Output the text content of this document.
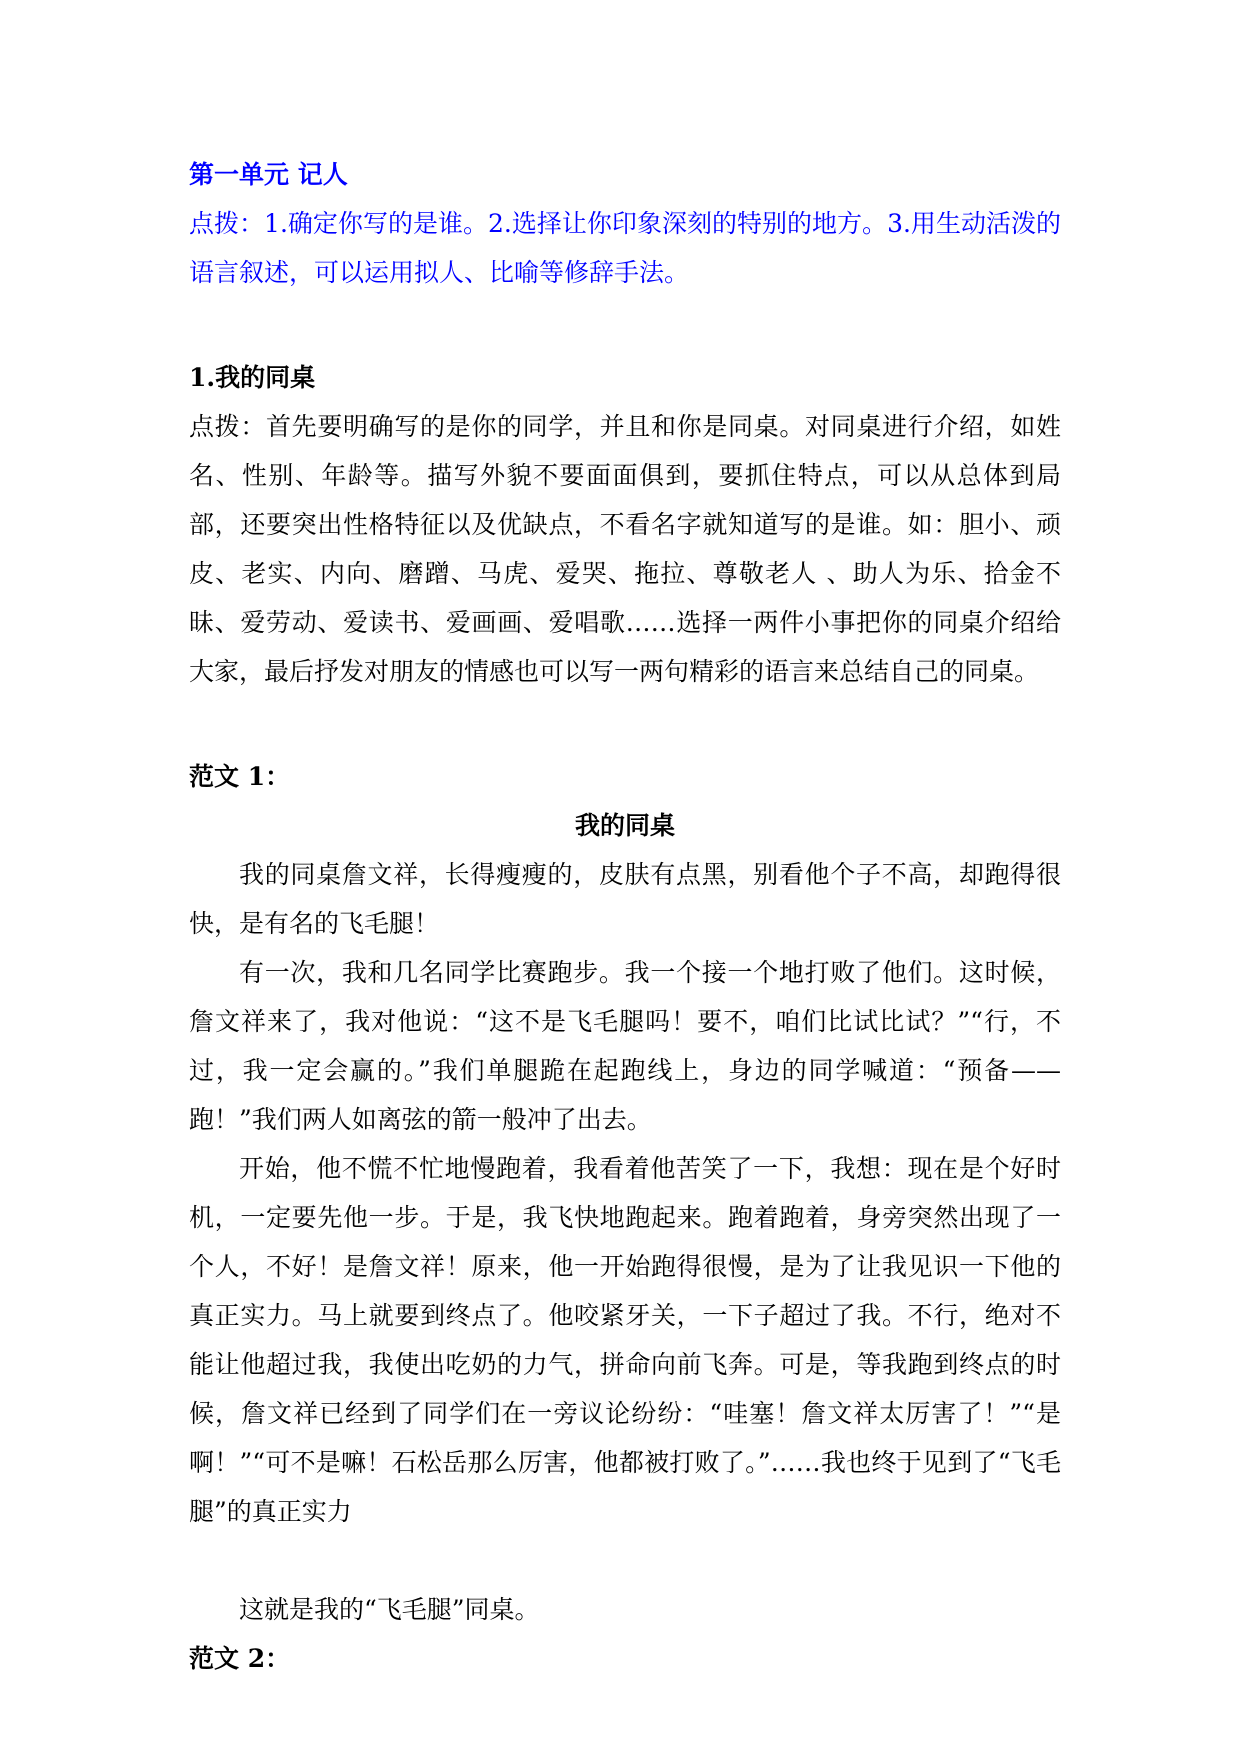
第一单元 记人

点拨：1.确定你写的是谁。2.选择让你印象深刻的特别的地方。3.用生动活泼的语言叙述，可以运用拟人、比喻等修辞手法。

1.我的同桌

点拨：首先要明确写的是你的同学，并且和你是同桌。对同桌进行介绍，如姓名、性别、年龄等。描写外貌不要面面俱到，要抓住特点，可以从总体到局部，还要突出性格特征以及优缺点，不看名字就知道写的是谁。如：胆小、顽皮、老实、内向、磨蹭、马虎、爱哭、拖拉、尊敬老人 、助人为乐、拾金不昧、爱劳动、爱读书、爱画画、爱唱歌……选择一两件小事把你的同桌介绍给大家，最后抒发对朋友的情感也可以写一两句精彩的语言来总结自己的同桌。

范文 1：

我的同桌

我的同桌詹文祥，长得瘦瘦的，皮肤有点黑，别看他个子不高，却跑得很快，是有名的飞毛腿！

有一次，我和几名同学比赛跑步。我一个接一个地打败了他们。这时候，詹文祥来了，我对他说：“这不是飞毛腿吗！要不，咱们比试比试？”“行，不过，我一定会赢的。”我们单腿跪在起跑线上，身边的同学喊道：“预备——跑！”我们两人如离弦的箭一般冲了出去。

开始，他不慌不忙地慢跑着，我看着他苦笑了一下，我想：现在是个好时机，一定要先他一步。于是，我飞快地跑起来。跑着跑着，身旁突然出现了一个人，不好！是詹文祥！原来，他一开始跑得很慢，是为了让我见识一下他的真正实力。马上就要到终点了。他咬紧牙关，一下子超过了我。不行，绝对不能让他超过我，我使出吃奶的力气，拼命向前飞奔。可是，等我跑到终点的时候，詹文祥已经到了同学们在一旁议论纷纷：“哇塞！詹文祥太厉害了！”“是啊！”“可不是嘛！石松岳那么厉害，他都被打败了。”……我也终于见到了“飞毛腿”的真正实力

这就是我的“飞毛腿”同桌。

范文 2：
